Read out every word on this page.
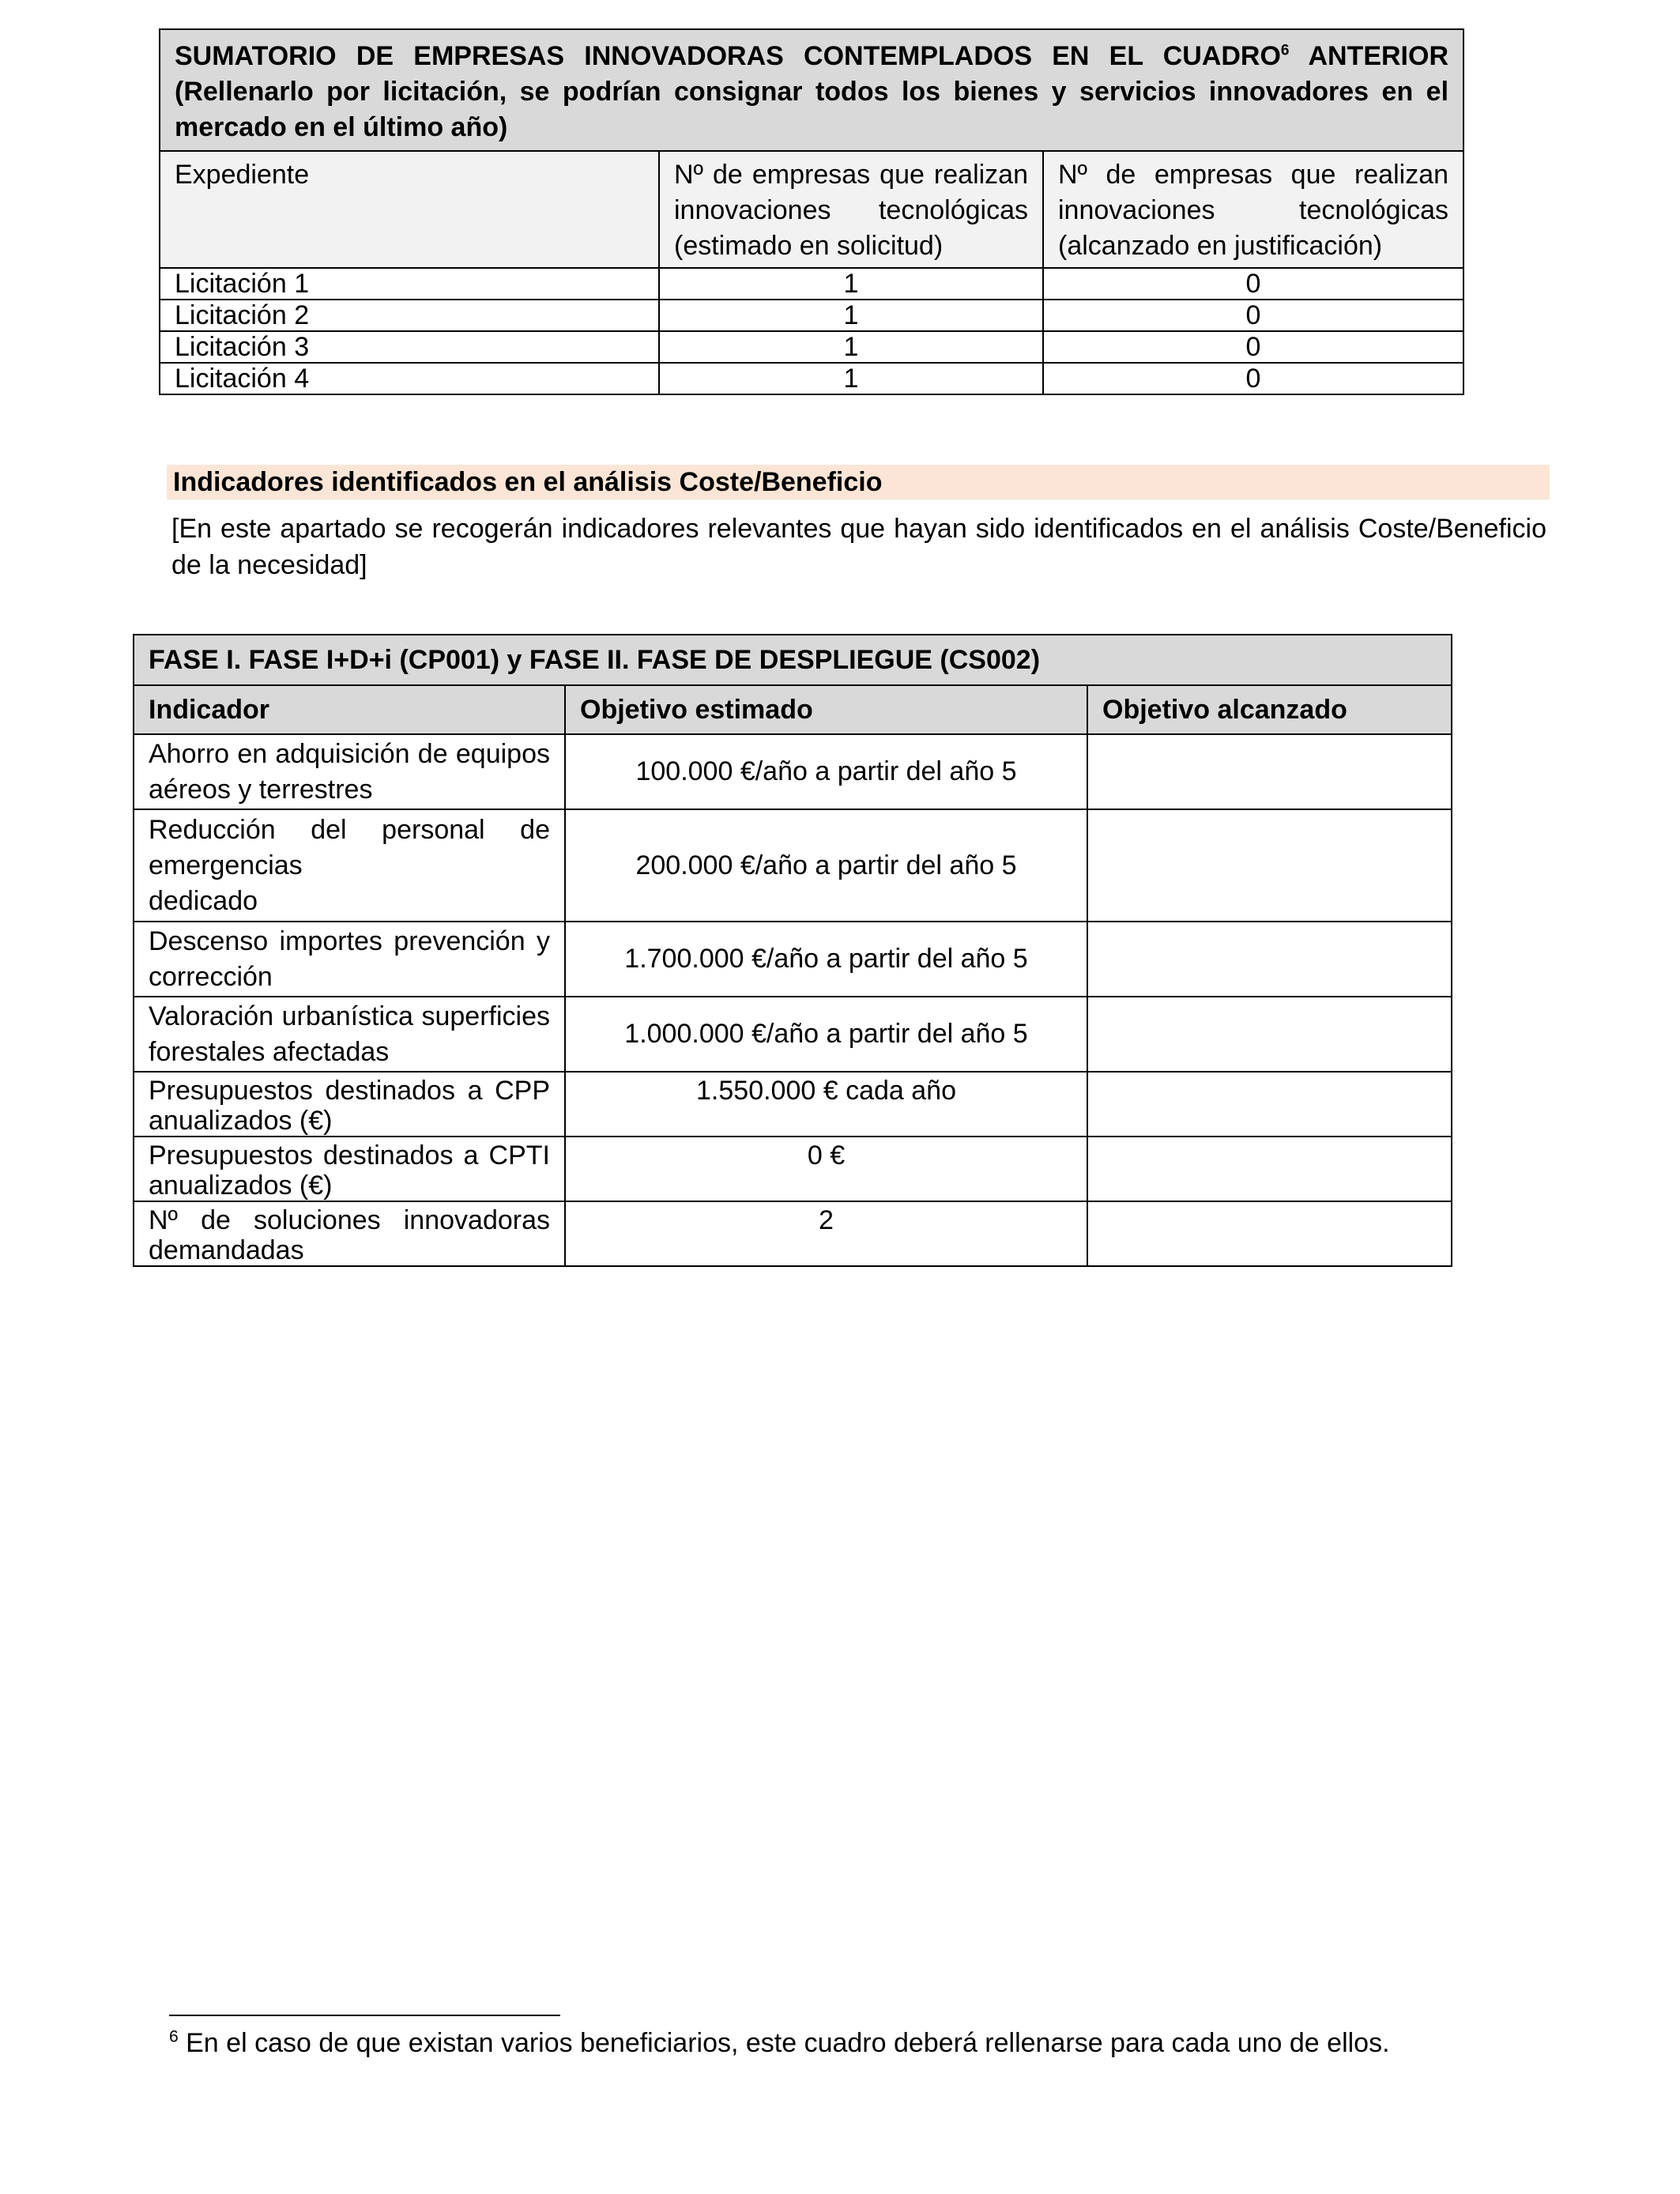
SUMATORIO DE EMPRESAS INNOVADORAS CONTEMPLADOS EN EL CUADRO$^6$ ANTERIOR
(Rellenarlo por licitación, se podrían consignar todos los bienes y servicios innovadores en el mercado en el último año)		

Expediente	Nº de empresas que realizan innovaciones tecnológicas (estimado en solicitud)	Nº de empresas que realizan innovaciones tecnológicas (alcanzado en justificación)
Licitación 1	1	0
Licitación 2	1	0
Licitación 3	1	0
Licitación 4	1	0
Indicadores identificados en el análisis Coste/Beneficio
[En este apartado se recogerán indicadores relevantes que hayan sido identificados en el análisis Coste/Beneficio de la necesidad]
FASE I. FASE I+D+i (CP001) y FASE II. FASE DE DESPLIEGUE (CS002)		
Indicador	Objetivo estimado	Objetivo alcanzado
Ahorro en adquisición de equipos aéreos y terrestres	100.000 €/año a partir del año 5	

Reducción del personal de
emergencias
dedicado	200.000 €/año a partir del año 5	
Descenso importes prevención y corrección	1.700.000 €/año a partir del año 5	
Valoración urbanística superficies forestales afectadas	1.000.000 €/año a partir del año 5	
Presupuestos destinados a CPP anualizados (€)	1.550.000 € cada año	
Presupuestos destinados a CPTI anualizados (€)	0 €	
Nº de soluciones innovadoras demandadas	2	
$^6$ En el caso de que existan varios beneficiarios, este cuadro deberá rellenarse para cada uno de ellos.
